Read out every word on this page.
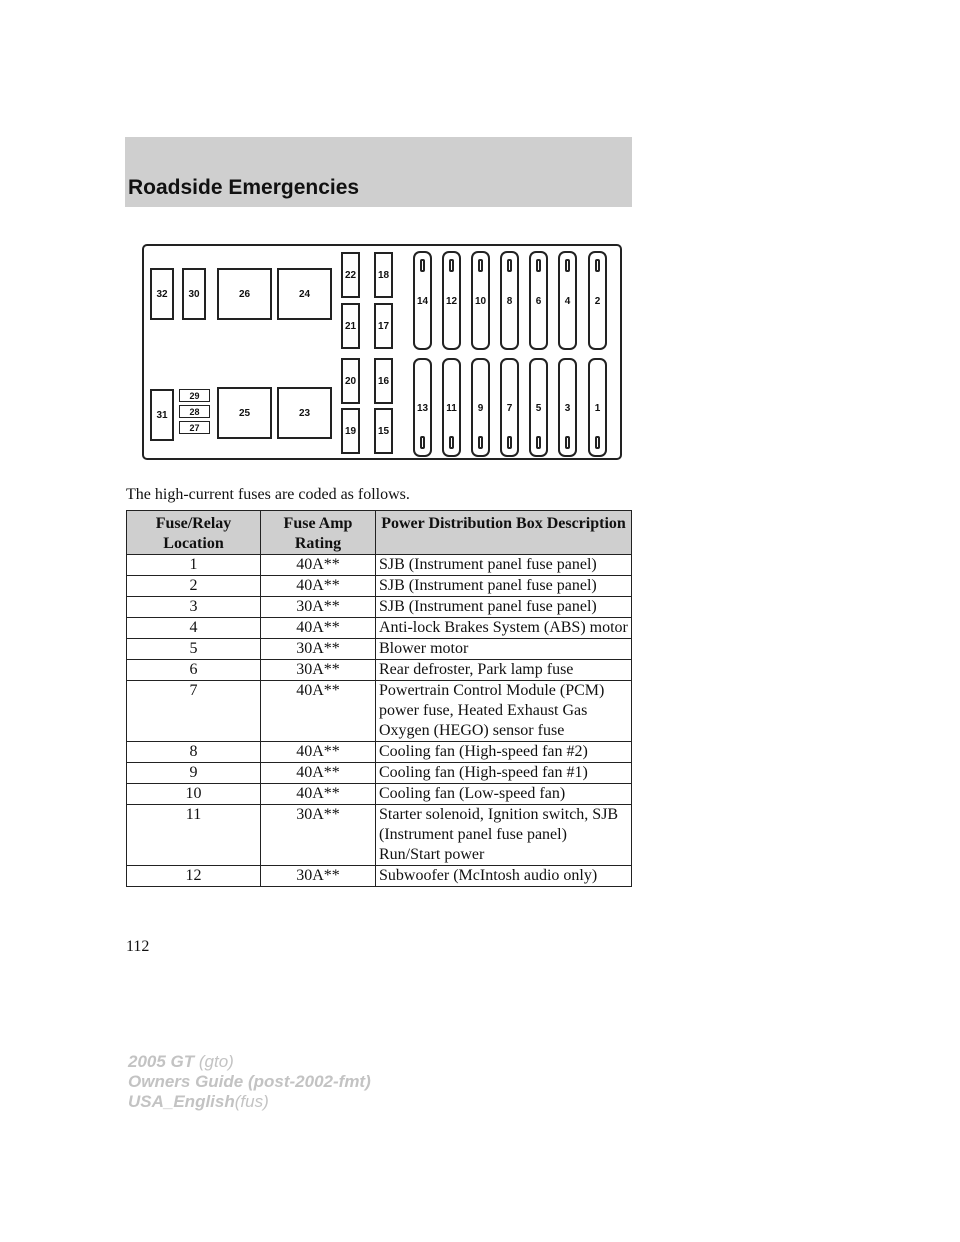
Roadside Emergencies
32	30	26	24
31
29
28
27
25	23
22
21
18
17
20
19
16
15
14 12 10	8	6	4	2
13 11	9	7	5	3	1
The high-current fuses are coded as follows.
Fuse/Relay Location	Fuse Amp Rating	Power Distribution Box Description
1	40A**	SJB (Instrument panel fuse panel)
2	40A**	SJB (Instrument panel fuse panel)
3	30A**	SJB (Instrument panel fuse panel)
4	40A**	Anti-lock Brakes System (ABS) motor
5	30A**	Blower motor
6	30A**	Rear defroster, Park lamp fuse
7	40A**	Powertrain Control Module (PCM) power fuse, Heated Exhaust Gas Oxygen (HEGO) sensor fuse
8	40A**	Cooling fan (High-speed fan #2)
9	40A**	Cooling fan (High-speed fan #1)
10	40A**	Cooling fan (Low-speed fan)
11	30A**	Starter solenoid, Ignition switch, SJB (Instrument panel fuse panel) Run/Start power
12	30A**	Subwoofer (McIntosh audio only)
112
2005 GT (gto)
Owners Guide (post-2002-fmt)
USA_English(fus)
